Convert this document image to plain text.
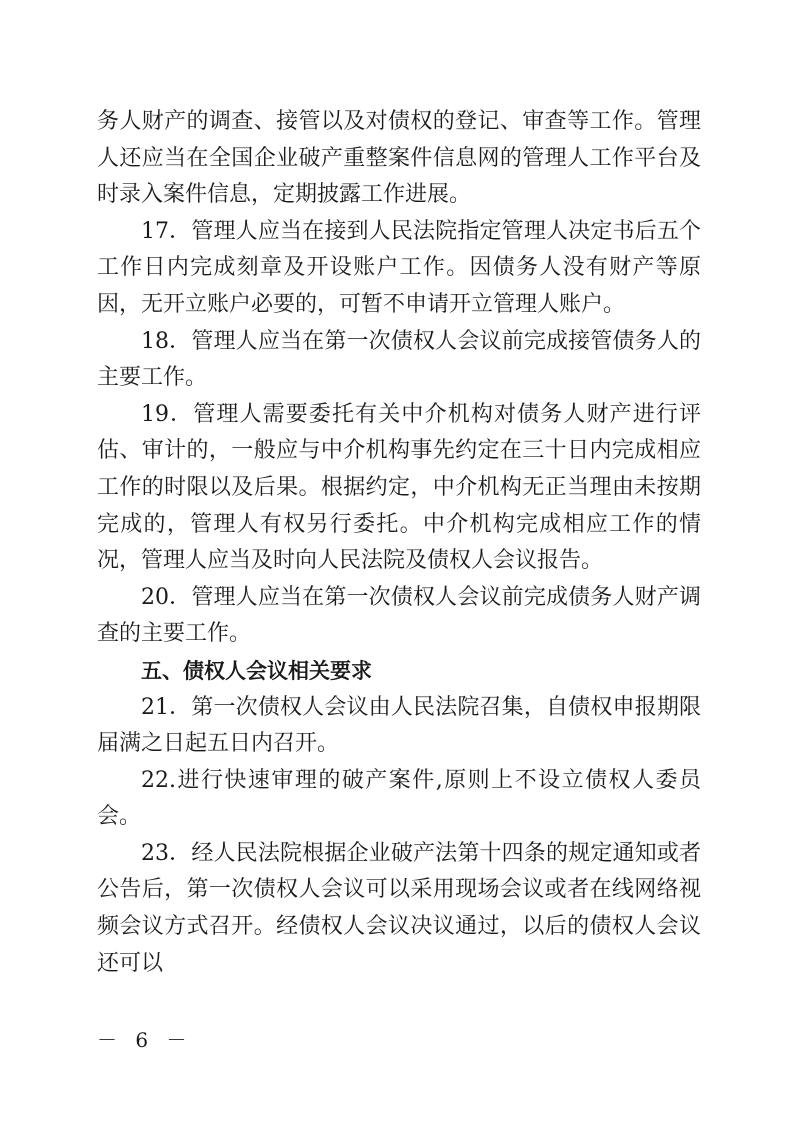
务人财产的调查、接管以及对债权的登记、审查等工作。管理人还应当在全国企业破产重整案件信息网的管理人工作平台及时录入案件信息，定期披露工作进展。

17．管理人应当在接到人民法院指定管理人决定书后五个工作日内完成刻章及开设账户工作。因债务人没有财产等原因，无开立账户必要的，可暂不申请开立管理人账户。

18．管理人应当在第一次债权人会议前完成接管债务人的主要工作。

19．管理人需要委托有关中介机构对债务人财产进行评估、审计的，一般应与中介机构事先约定在三十日内完成相应工作的时限以及后果。根据约定，中介机构无正当理由未按期完成的，管理人有权另行委托。中介机构完成相应工作的情况，管理人应当及时向人民法院及债权人会议报告。

20．管理人应当在第一次债权人会议前完成债务人财产调查的主要工作。

五、债权人会议相关要求

21．第一次债权人会议由人民法院召集，自债权申报期限届满之日起五日内召开。

22.进行快速审理的破产案件,原则上不设立债权人委员会。

23．经人民法院根据企业破产法第十四条的规定通知或者公告后，第一次债权人会议可以采用现场会议或者在线网络视频会议方式召开。经债权人会议决议通过，以后的债权人会议还可以

－ 6 －
